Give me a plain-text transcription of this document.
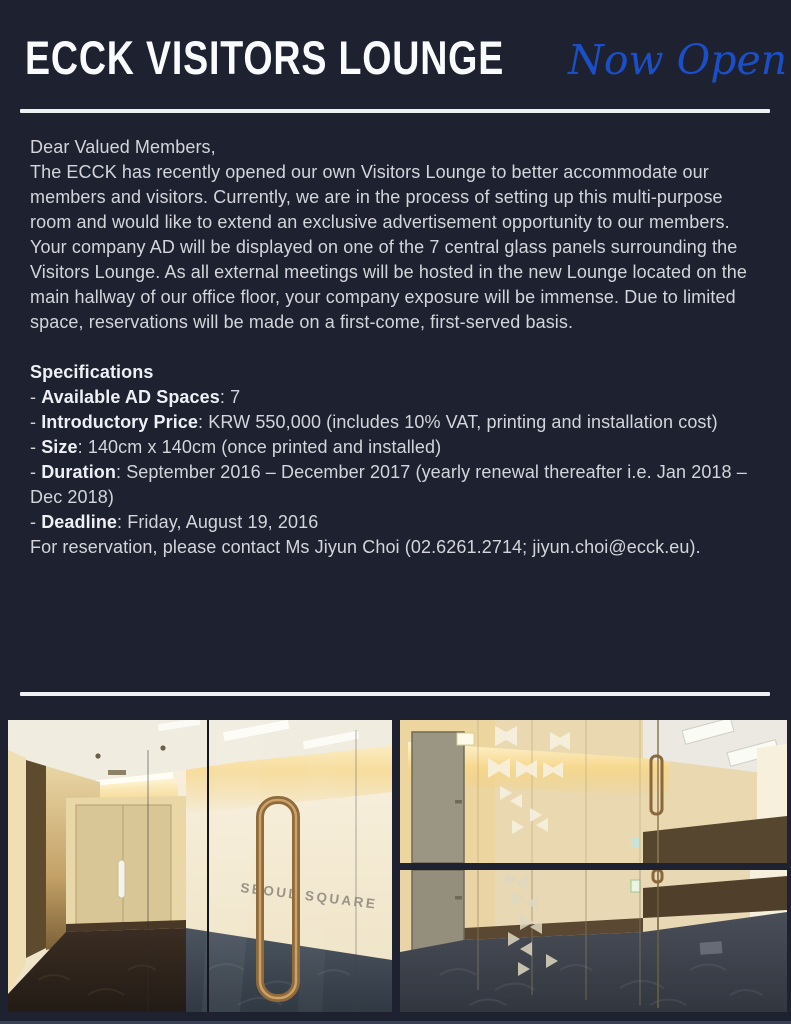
ECCK VISITORS LOUNGE Now Open

Dear Valued Members,

The ECCK has recently opened our own Visitors Lounge to better accommodate our members and visitors. Currently, we are in the process of setting up this multi-purpose room and would like to extend an exclusive advertisement opportunity to our members.

Your company AD will be displayed on one of the 7 central glass panels surrounding the Visitors Lounge. As all external meetings will be hosted in the new Lounge located on the main hallway of our office floor, your company exposure will be immense. Due to limited space, reservations will be made on a first-come, first-served basis.

Specifications
- Available AD Spaces: 7
- Introductory Price: KRW 550,000 (includes 10% VAT, printing and installation cost)
- Size: 140cm x 140cm (once printed and installed)
- Duration: September 2016 – December 2017 (yearly renewal thereafter i.e. Jan 2018 – Dec 2018)
- Deadline: Friday, August 19, 2016

For reservation, please contact Ms Jiyun Choi (02.6261.2714; jiyun.choi@ecck.eu).

SEOUL SQUARE
